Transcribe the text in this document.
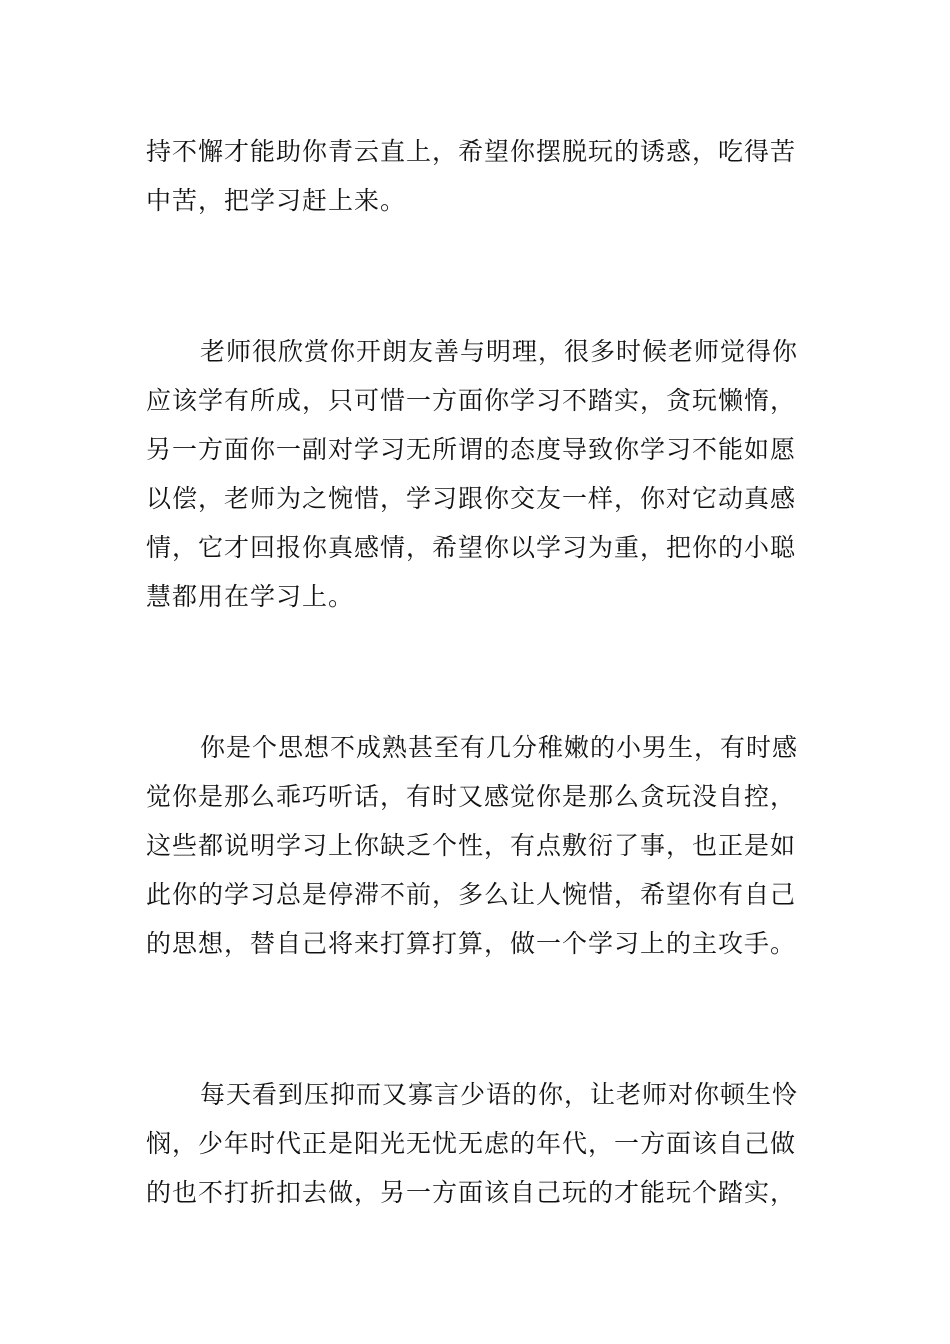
持不懈才能助你青云直上，希望你摆脱玩的诱惑，吃得苦
中苦，把学习赶上来。

老师很欣赏你开朗友善与明理，很多时候老师觉得你
应该学有所成，只可惜一方面你学习不踏实，贪玩懒惰，
另一方面你一副对学习无所谓的态度导致你学习不能如愿
以偿，老师为之惋惜，学习跟你交友一样，你对它动真感
情，它才回报你真感情，希望你以学习为重，把你的小聪
慧都用在学习上。

你是个思想不成熟甚至有几分稚嫩的小男生，有时感
觉你是那么乖巧听话，有时又感觉你是那么贪玩没自控，
这些都说明学习上你缺乏个性，有点敷衍了事，也正是如
此你的学习总是停滞不前，多么让人惋惜，希望你有自己
的思想，替自己将来打算打算，做一个学习上的主攻手。

每天看到压抑而又寡言少语的你，让老师对你顿生怜
悯，少年时代正是阳光无忧无虑的年代，一方面该自己做
的也不打折扣去做，另一方面该自己玩的才能玩个踏实，
